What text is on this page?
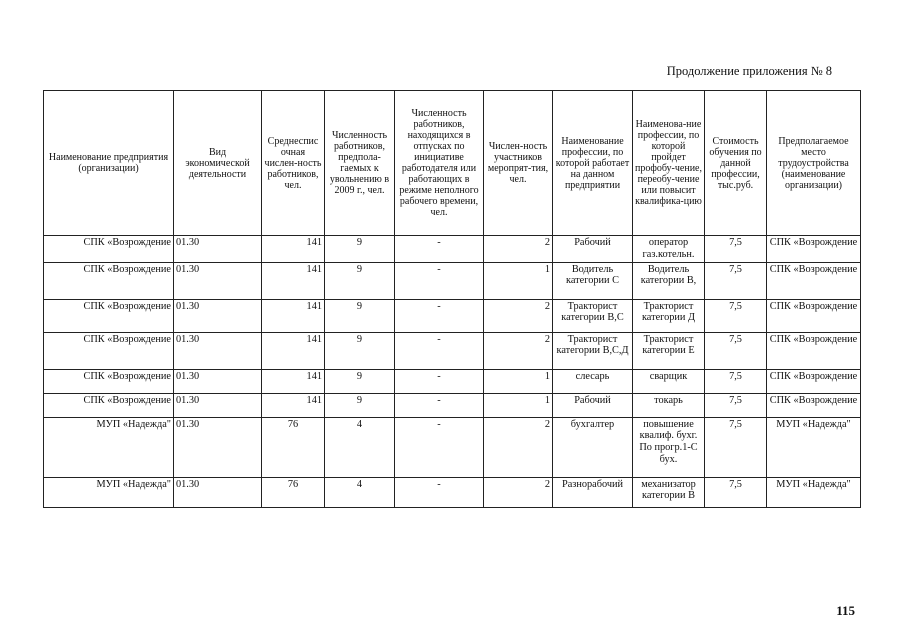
Продолжение приложения № 8
Наименование предприятия (организации)	Вид экономической деятельности	Среднеспис очная числен-ность работников, чел.	Численность работников, предпола-гаемых к увольнению в 2009 г., чел.	Численность работников, находящихся в отпусках по инициативе работодателя или работающих в режиме неполного рабочего времени, чел.	Числен-ность участников меропрят-тия, чел.	Наименование профессии, по которой работает на данном предприятии	Наименова-ние профессии, по которой пройдет профобу-чение, переобу-чение или повысит квалифика-цию	Стоимость обучения по данной профессии, тыс.руб.	Предполагаемое место трудоустройства (наименование организации)
СПК «Возрождение	01.30	141	9	-	2	Рабочий	оператор газ.котельн.	7,5	СПК «Возрождение
СПК «Возрождение	01.30	141	9	-	1	Водитель категории С	Водитель категории В,	7,5	СПК «Возрождение
СПК «Возрождение	01.30	141	9	-	2	Тракторист категории В,С	Тракторист категории Д	7,5	СПК «Возрождение
СПК «Возрождение	01.30	141	9	-	2	Тракторист категории В,С,Д	Тракторист категории Е	7,5	СПК «Возрождение
СПК «Возрождение	01.30	141	9	-	1	слесарь	сварщик	7,5	СПК «Возрождение
СПК «Возрождение	01.30	141	9	-	1	Рабочий	токарь	7,5	СПК «Возрождение
МУП «Надежда"	01.30	76	4	-	2	бухгалтер	повышение квалиф. бухг. По прогр.1-С бух.	7,5	МУП «Надежда"
МУП «Надежда"	01.30	76	4	-	2	Разнорабочий	механизатор категории В	7,5	МУП «Надежда"
115
